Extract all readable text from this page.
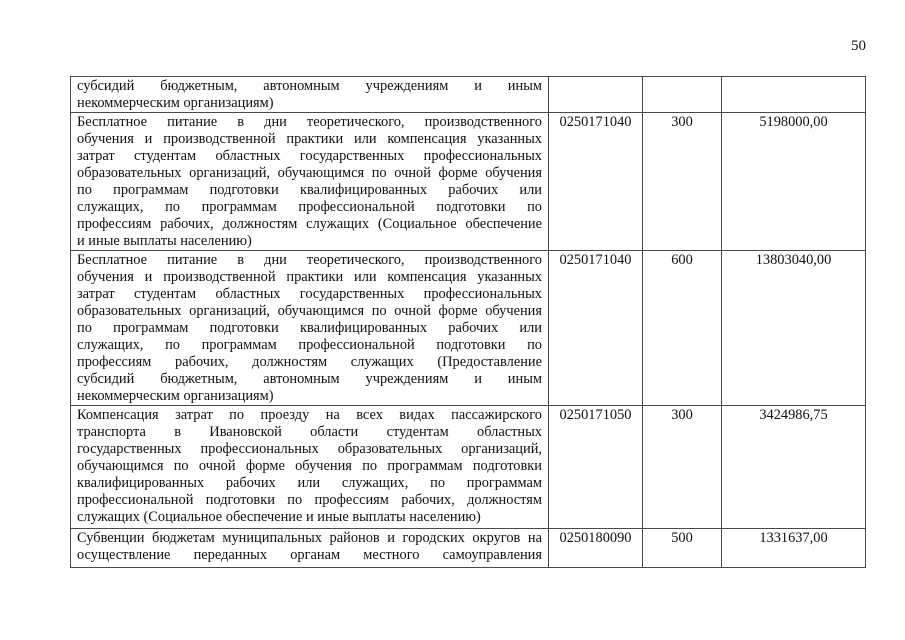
50
субсидий бюджетным, автономным учреждениям и иным
некоммерческим организациям)			

Бесплатное питание в дни теоретического, производственного
обучения и производственной практики или компенсация указанных
затрат студентам областных государственных профессиональных
образовательных организаций, обучающимся по очной форме обучения
по программам подготовки квалифицированных рабочих или
служащих, по программам профессиональной подготовки по
профессиям рабочих, должностям служащих (Социальное обеспечение
и иные выплаты населению)
	0250171040	300	5198000,00

Бесплатное питание в дни теоретического, производственного
обучения и производственной практики или компенсация указанных
затрат студентам областных государственных профессиональных
образовательных организаций, обучающимся по очной форме обучения
по программам подготовки квалифицированных рабочих или
служащих, по программам профессиональной подготовки по
профессиям рабочих, должностям служащих (Предоставление
субсидий бюджетным, автономным учреждениям и иным
некоммерческим организациям)
	0250171040	600	13803040,00

Компенсация затрат по проезду на всех видах пассажирского
транспорта в Ивановской области студентам областных
государственных профессиональных образовательных организаций,
обучающимся по очной форме обучения по программам подготовки
квалифицированных рабочих или служащих, по программам
профессиональной подготовки по профессиям рабочих, должностям
служащих (Социальное обеспечение и иные выплаты населению)
	0250171050	300	3424986,75

Субвенции бюджетам муниципальных районов и городских округов на
осуществление переданных органам местного самоуправления	0250180090	500	1331637,00
